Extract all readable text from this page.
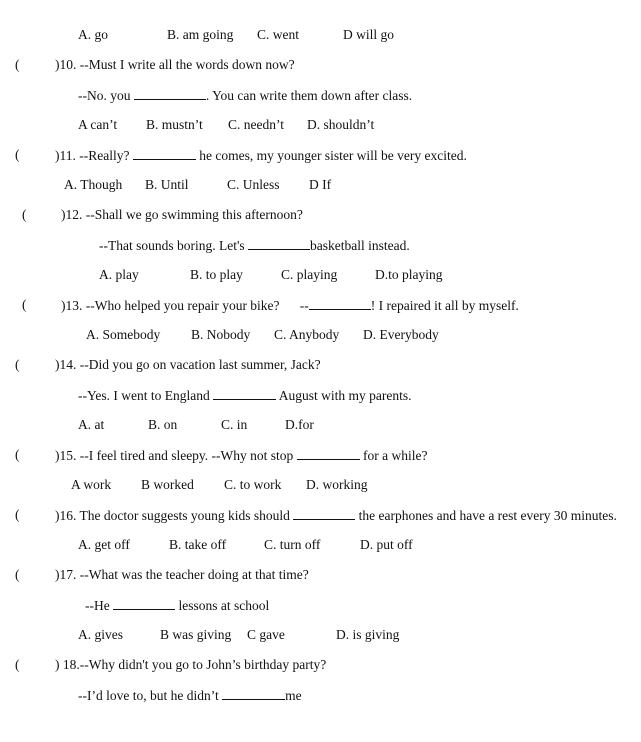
A. go	B. am going C. went	D will go
(	)10. --Must I write all the words down now?
--No. you	. You can write them down after class.
A can’t B. mustn’t C. needn’t D. shouldn’t
(	)11. --Really?	he comes, my younger sister will be very excited.
A. Though B. Until	C. Unless D If
(	)12. --Shall we go swimming this afternoon?
--That sounds boring. Let's	basketball instead.
A. play	B. to play	C. playing	D.to playing
(	)13. --Who helped you repair your bike?      --	! I repaired it all by myself.
A. Somebody B. Nobody C. Anybody D. Everybody
(	)14. --Did you go on vacation last summer, Jack?
--Yes. I went to England	August with my parents.
A. at	B. on	C. in	D.for
(	)15. --I feel tired and sleepy. --Why not stop	for a while?
A work B worked C. to work D. working
(	)16. The doctor suggests young kids should	the earphones and have a rest every 30 minutes.
A. get off	B. take off	C. turn off	D. put off
(	)17. --What was the teacher doing at that time?
--He	lessons at school
A. gives	B was giving C gave	D. is giving
(	) 18.--Why didn't you go to John’s birthday party?
--I’d love to, but he didn’t	me
